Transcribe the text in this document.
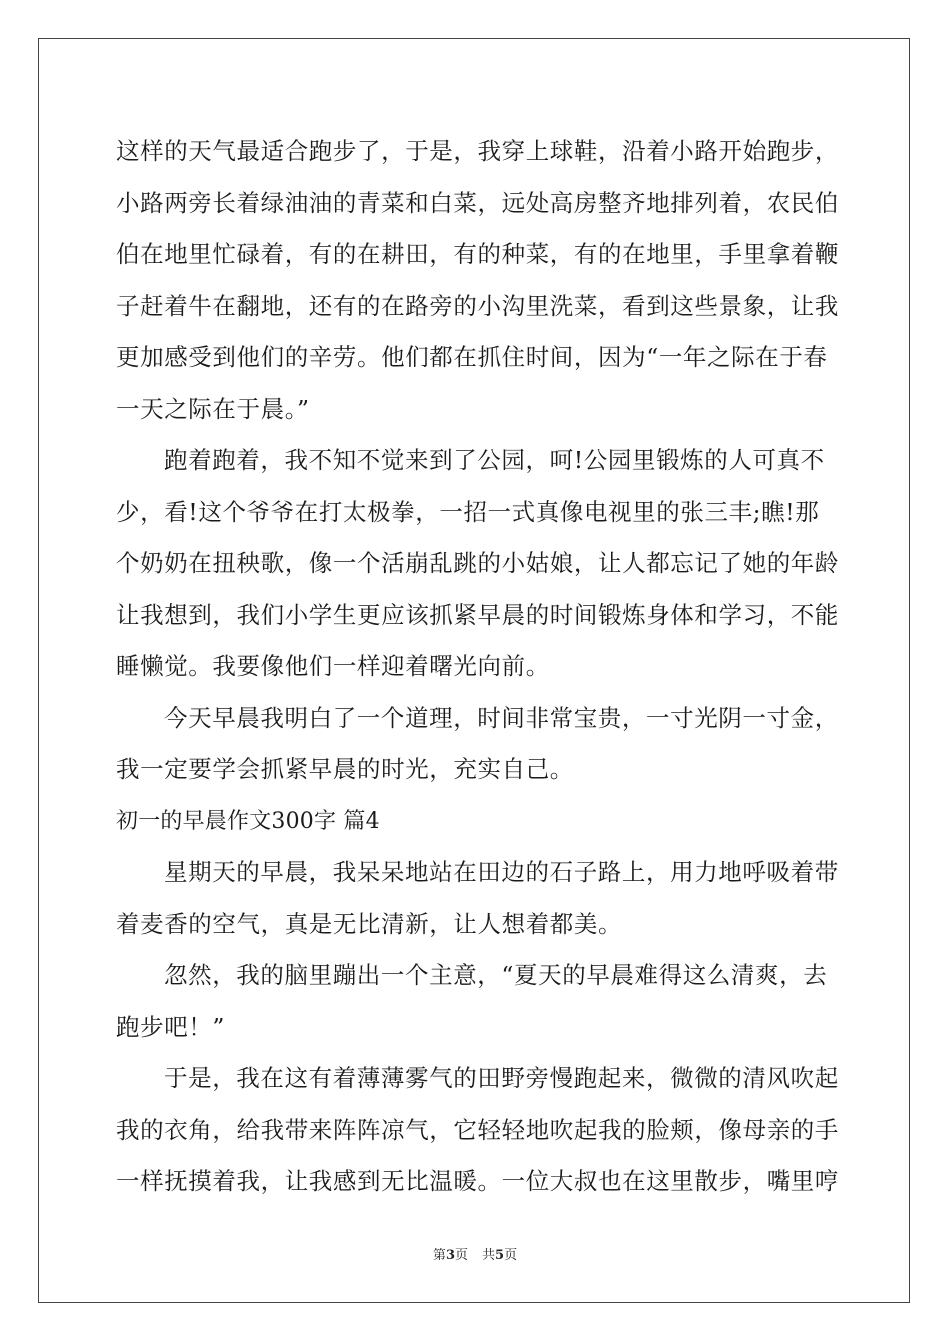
这样的天气最适合跑步了，于是，我穿上球鞋，沿着小路开始跑步，
小路两旁长着绿油油的青菜和白菜，远处高房整齐地排列着，农民伯
伯在地里忙碌着，有的在耕田，有的种菜，有的在地里，手里拿着鞭
子赶着牛在翻地，还有的在路旁的小沟里洗菜，看到这些景象，让我
更加感受到他们的辛劳。他们都在抓住时间，因为“一年之际在于春
一天之际在于晨。”
跑着跑着，我不知不觉来到了公园，呵!公园里锻炼的人可真不
少，看!这个爷爷在打太极拳，一招一式真像电视里的张三丰;瞧!那
个奶奶在扭秧歌，像一个活崩乱跳的小姑娘，让人都忘记了她的年龄
让我想到，我们小学生更应该抓紧早晨的时间锻炼身体和学习，不能
睡懒觉。我要像他们一样迎着曙光向前。
今天早晨我明白了一个道理，时间非常宝贵，一寸光阴一寸金，
我一定要学会抓紧早晨的时光，充实自己。
初一的早晨作文300字 篇4
星期天的早晨，我呆呆地站在田边的石子路上，用力地呼吸着带
着麦香的空气，真是无比清新，让人想着都美。
忽然，我的脑里蹦出一个主意，“夏天的早晨难得这么清爽，去
跑步吧！”
于是，我在这有着薄薄雾气的田野旁慢跑起来，微微的清风吹起
我的衣角，给我带来阵阵凉气，它轻轻地吹起我的脸颊，像母亲的手
一样抚摸着我，让我感到无比温暖。一位大叔也在这里散步，嘴里哼
第3页 共5页
